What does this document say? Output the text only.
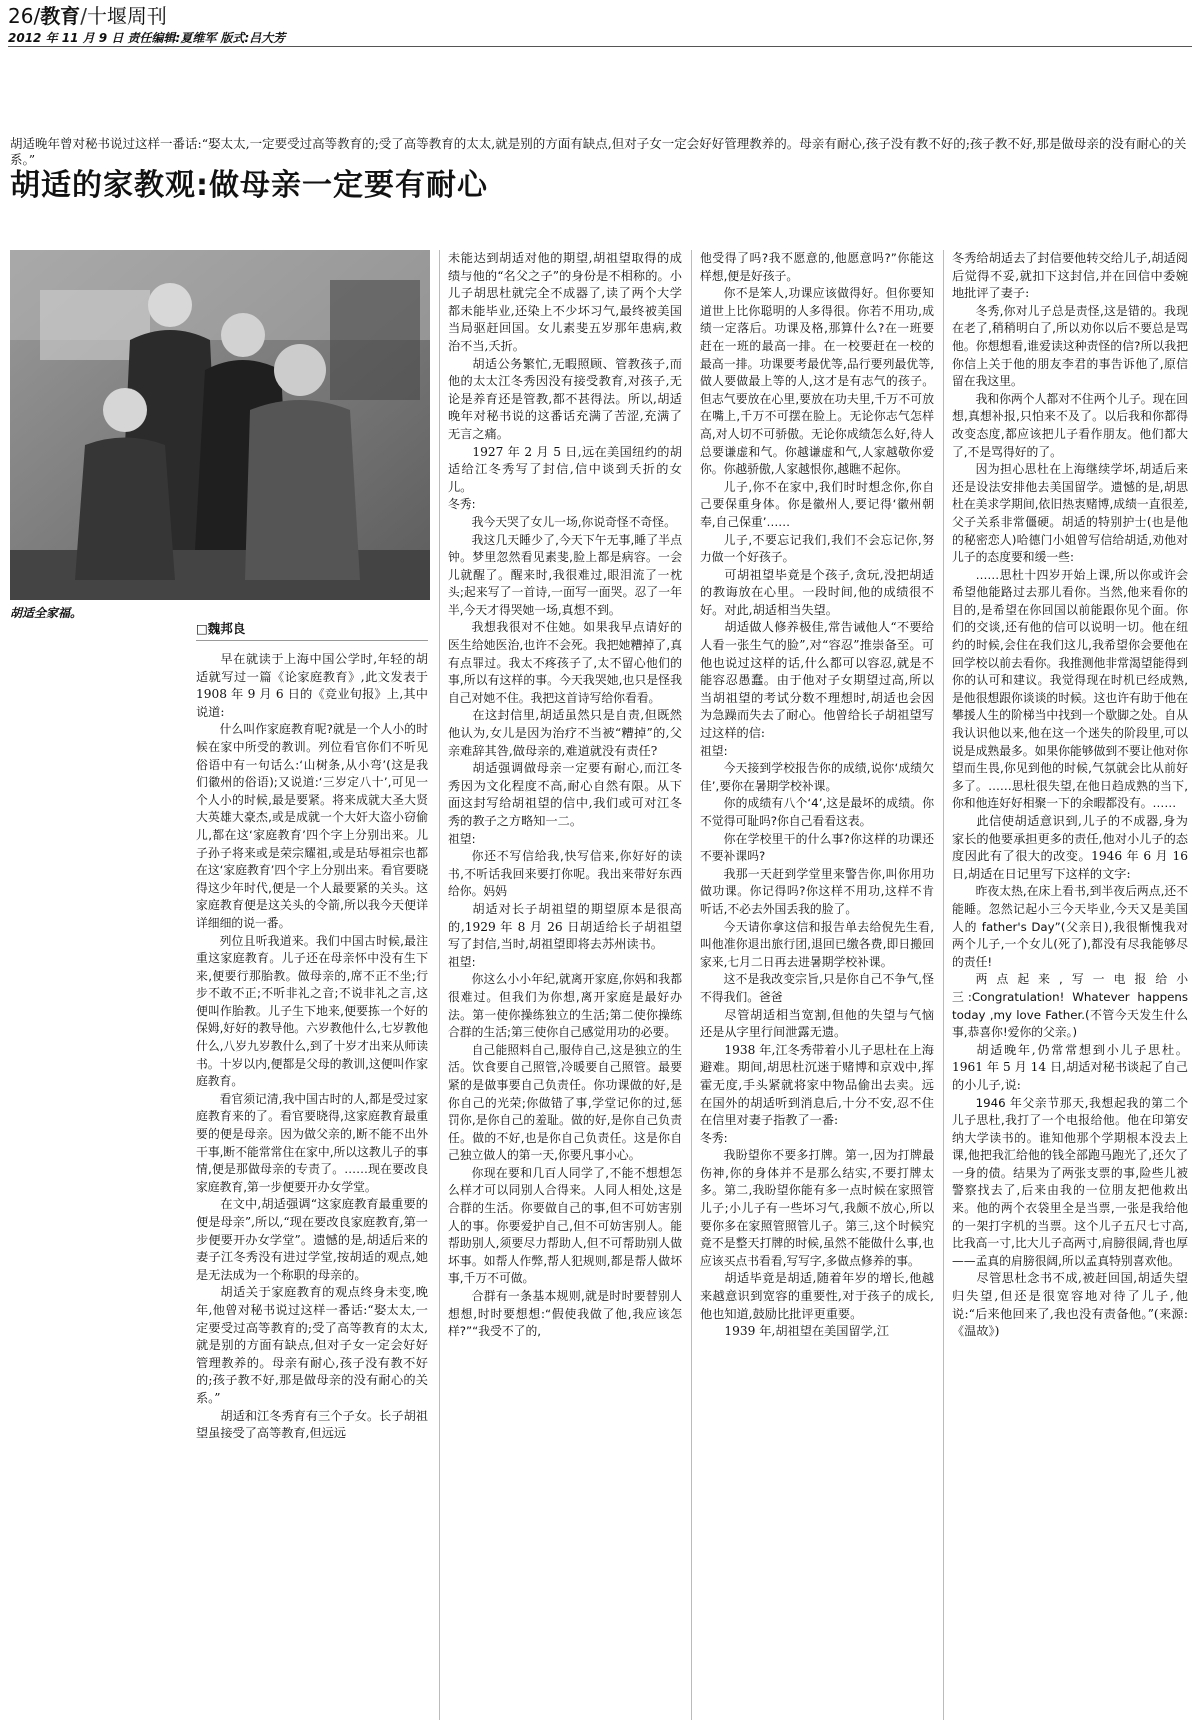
26/教育/十堰周刊
2012 年 11 月 9 日 责任编辑:夏维军 版式:吕大芳
胡适晚年曾对秘书说过这样一番话:“娶太太,一定要受过高等教育的;受了高等教育的太太,就是别的方面有缺点,但对子女一定会好好管理教养的。母亲有耐心,孩子没有教不好的;孩子教不好,那是做母亲的没有耐心的关系。”
胡适的家教观:做母亲一定要有耐心
胡适全家福。
□魏邦良

早在就读于上海中国公学时,年轻的胡适就写过一篇《论家庭教育》,此文发表于 1908 年 9 月 6 日的《竞业旬报》上,其中说道:

什么叫作家庭教育呢?就是一个人小的时候在家中所受的教训。列位看官你们不听见俗语中有一句话么:‘山树条,从小弯’(这是我们徽州的俗语);又说道:‘三岁定八十’,可见一个人小的时候,最是要紧。将来成就大圣大贤大英雄大豪杰,或是成就一个大奸大盗小窃偷儿,都在这‘家庭教育’四个字上分别出来。儿子孙子将来或是荣宗耀祖,或是玷辱祖宗也都在这‘家庭教育’四个字上分别出来。看官要晓得这少年时代,便是一个人最要紧的关头。这家庭教育便是这关头的令箭,所以我今天便详详细细的说一番。

列位且听我道来。我们中国古时候,最注重这家庭教育。儿子还在母亲怀中没有生下来,便要行那胎教。做母亲的,席不正不坐;行步不敢不正;不听非礼之音;不说非礼之言,这便叫作胎教。儿子生下地来,便要拣一个好的保姆,好好的教导他。六岁教他什么,七岁教他什么,八岁九岁教什么,到了十岁才出来从师读书。十岁以内,便都是父母的教训,这便叫作家庭教育。

看官须记清,我中国古时的人,都是受过家庭教育来的了。看官要晓得,这家庭教育最重要的便是母亲。因为做父亲的,断不能不出外干事,断不能常常住在家中,所以这教儿子的事情,便是那做母亲的专责了。……现在要改良家庭教育,第一步便要开办女学堂。

在文中,胡适强调“这家庭教育最重要的便是母亲”,所以,“现在要改良家庭教育,第一步便要开办女学堂”。遗憾的是,胡适后来的妻子江冬秀没有进过学堂,按胡适的观点,她是无法成为一个称职的母亲的。

胡适关于家庭教育的观点终身未变,晚年,他曾对秘书说过这样一番话:“娶太太,一定要受过高等教育的;受了高等教育的太太,就是别的方面有缺点,但对子女一定会好好管理教养的。母亲有耐心,孩子没有教不好的;孩子教不好,那是做母亲的没有耐心的关系。”

胡适和江冬秀育有三个子女。长子胡祖望虽接受了高等教育,但远远

未能达到胡适对他的期望,胡祖望取得的成绩与他的“名父之子”的身份是不相称的。小儿子胡思杜就完全不成器了,读了两个大学都未能毕业,还染上不少坏习气,最终被美国当局驱赶回国。女儿素斐五岁那年患病,救治不当,夭折。

胡适公务繁忙,无暇照顾、管教孩子,而他的太太江冬秀因没有接受教育,对孩子,无论是养育还是管教,都不甚得法。所以,胡适晚年对秘书说的这番话充满了苦涩,充满了无言之痛。

1927 年 2 月 5 日,远在美国纽约的胡适给江冬秀写了封信,信中谈到夭折的女儿。

冬秀:

我今天哭了女儿一场,你说奇怪不奇怪。

我这几天睡少了,今天下午无事,睡了半点钟。梦里忽然看见素斐,脸上都是病容。一会儿就醒了。醒来时,我很难过,眼泪流了一枕头;起来写了一首诗,一面写一面哭。忍了一年半,今天才得哭她一场,真想不到。

我想我很对不住她。如果我早点请好的医生给她医治,也许不会死。我把她糟掉了,真有点罪过。我太不疼孩子了,太不留心他们的事,所以有这样的事。今天我哭她,也只是怪我自己对她不住。我把这首诗写给你看看。

在这封信里,胡适虽然只是自责,但既然他认为,女儿是因为治疗不当被“糟掉”的,父亲难辞其咎,做母亲的,难道就没有责任?

胡适强调做母亲一定要有耐心,而江冬秀因为文化程度不高,耐心自然有限。从下面这封写给胡祖望的信中,我们或可对江冬秀的教子之方略知一二。

祖望:

你还不写信给我,快写信来,你好好的读书,不听话我回来要打你呢。我出来带好东西给你。妈妈

胡适对长子胡祖望的期望原本是很高的,1929 年 8 月 26 日胡适给长子胡祖望写了封信,当时,胡祖望即将去苏州读书。

祖望:

你这么小小年纪,就离开家庭,你妈和我都很难过。但我们为你想,离开家庭是最好办法。第一使你操练独立的生活;第二使你操练合群的生活;第三使你自己感觉用功的必要。

自己能照料自己,服侍自己,这是独立的生活。饮食要自己照管,冷暖要自己照管。最要紧的是做事要自己负责任。你功课做的好,是你自己的光荣;你做错了事,学堂记你的过,惩罚你,是你自己的羞耻。做的好,是你自己负责任。做的不好,也是你自己负责任。这是你自己独立做人的第一天,你要凡事小心。

你现在要和几百人同学了,不能不想想怎么样才可以同别人合得来。人同人相处,这是合群的生活。你要做自己的事,但不可妨害别人的事。你要爱护自己,但不可妨害别人。能帮助别人,须要尽力帮助人,但不可帮助别人做坏事。如帮人作弊,帮人犯规则,都是帮人做坏事,千万不可做。

合群有一条基本规则,就是时时要替别人想想,时时要想想:“假使我做了他,我应该怎样?”“我受不了的,

他受得了吗?我不愿意的,他愿意吗?”你能这样想,便是好孩子。

你不是笨人,功课应该做得好。但你要知道世上比你聪明的人多得很。你若不用功,成绩一定落后。功课及格,那算什么?在一班要赶在一班的最高一排。在一校要赶在一校的最高一排。功课要考最优等,品行要列最优等,做人要做最上等的人,这才是有志气的孩子。但志气要放在心里,要放在功夫里,千万不可放在嘴上,千万不可摆在脸上。无论你志气怎样高,对人切不可骄傲。无论你成绩怎么好,待人总要谦虚和气。你越谦虚和气,人家越敬你爱你。你越骄傲,人家越恨你,越瞧不起你。

儿子,你不在家中,我们时时想念你,你自己要保重身体。你是徽州人,要记得‘徽州朝奉,自己保重’……

儿子,不要忘记我们,我们不会忘记你,努力做一个好孩子。

可胡祖望毕竟是个孩子,贪玩,没把胡适的教诲放在心里。一段时间,他的成绩很不好。对此,胡适相当失望。

胡适做人修养极佳,常告诫他人“不要给人看一张生气的脸”,对“容忍”推崇备至。可他也说过这样的话,什么都可以容忍,就是不能容忍愚蠢。由于他对子女期望过高,所以当胡祖望的考试分数不理想时,胡适也会因为急躁而失去了耐心。他曾给长子胡祖望写过这样的信:

祖望:

今天接到学校报告你的成绩,说你‘成绩欠佳’,要你在暑期学校补课。

你的成绩有八个‘4’,这是最坏的成绩。你不觉得可耻吗?你自己看看这表。

你在学校里干的什么事?你这样的功课还不要补课吗?

我那一天赶到学堂里来警告你,叫你用功做功课。你记得吗?你这样不用功,这样不肯听话,不必去外国丢我的脸了。

今天请你拿这信和报告单去给倪先生看,叫他准你退出旅行团,退回已缴各费,即日搬回家来,七月二日再去进暑期学校补课。

这不是我改变宗旨,只是你自己不争气,怪不得我们。爸爸

尽管胡适相当宽割,但他的失望与气恼还是从字里行间泄露无遗。

1938 年,江冬秀带着小儿子思杜在上海避难。期间,胡思杜沉迷于赌博和京戏中,挥霍无度,手头紧就将家中物品偷出去卖。远在国外的胡适听到消息后,十分不安,忍不住在信里对妻子指教了一番:

冬秀:

我盼望你不要多打牌。第一,因为打牌最伤神,你的身体并不是那么结实,不要打牌太多。第二,我盼望你能有多一点时候在家照管儿子;小儿子有一些坏习气,我颇不放心,所以要你多在家照管照管儿子。第三,这个时候究竟不是整天打牌的时候,虽然不能做什么事,也应该买点书看看,写写字,多做点修养的事。

胡适毕竟是胡适,随着年岁的增长,他越来越意识到宽容的重要性,对于孩子的成长,他也知道,鼓励比批评更重要。

1939 年,胡祖望在美国留学,江

冬秀给胡适去了封信要他转交给儿子,胡适阅后觉得不妥,就扣下这封信,并在回信中委婉地批评了妻子:

冬秀,你对儿子总是责怪,这是错的。我现在老了,稍稍明白了,所以劝你以后不要总是骂他。你想想看,谁爱读这种责怪的信?所以我把你信上关于他的朋友李君的事告诉他了,原信留在我这里。

我和你两个人都对不住两个儿子。现在回想,真想补报,只怕来不及了。以后我和你都得改变态度,都应该把儿子看作朋友。他们都大了,不是骂得好的了。

因为担心思杜在上海继续学坏,胡适后来还是设法安排他去美国留学。遗憾的是,胡思杜在美求学期间,依旧热衷赌博,成绩一直很差,父子关系非常僵硬。胡适的特别护士(也是他的秘密恋人)哈德门小姐曾写信给胡适,劝他对儿子的态度要和缓一些:

……思杜十四岁开始上课,所以你或许会希望他能路过去那儿看你。当然,他来看你的目的,是希望在你回国以前能跟你见个面。你们的交谈,还有他的信可以说明一切。他在纽约的时候,会住在我们这儿,我希望你会要他在回学校以前去看你。我推测他非常渴望能得到你的认可和建议。我觉得现在时机已经成熟,是他很想跟你谈谈的时候。这也许有助于他在攀援人生的阶梯当中找到一个歇脚之处。自从我认识他以来,他在这一个迷失的阶段里,可以说是成熟最多。如果你能够做到不要让他对你望而生畏,你见到他的时候,气氛就会比从前好多了。……思杜很失望,在他日趋成熟的当下,你和他连好好相聚一下的余暇都没有。……

此信使胡适意识到,儿子的不成器,身为家长的他要承担更多的责任,他对小儿子的态度因此有了很大的改变。1946 年 6 月 16 日,胡适在日记里写下这样的文字:

昨夜太热,在床上看书,到半夜后两点,还不能睡。忽然记起小三今天毕业,今天又是美国人的 father's Day”(父亲日),我很惭愧我对两个儿子,一个女儿(死了),都没有尽我能够尽的责任!

两点起来,写一电报给小三:Congratulation! Whatever happens today ,my love Father.(不管今天发生什么事,恭喜你!爱你的父亲。)

胡适晚年,仍常常想到小儿子思杜。1961 年 5 月 14 日,胡适对秘书谈起了自己的小儿子,说:

1946 年父亲节那天,我想起我的第二个儿子思杜,我打了一个电报给他。他在印第安纳大学读书的。谁知他那个学期根本没去上课,他把我汇给他的钱全部跑马跑光了,还欠了一身的债。结果为了两张支票的事,险些儿被警察找去了,后来由我的一位朋友把他救出来。他的两个衣袋里全是当票,一张是我给他的一架打字机的当票。这个儿子五尺七寸高,比我高一寸,比大儿子高两寸,肩膀很阔,背也厚——孟真的肩膀很阔,所以孟真特别喜欢他。

尽管思杜念书不成,被赶回国,胡适失望归失望,但还是很宽容地对待了儿子,他说:“后来他回来了,我也没有责备他。”(来源:《温故》)
